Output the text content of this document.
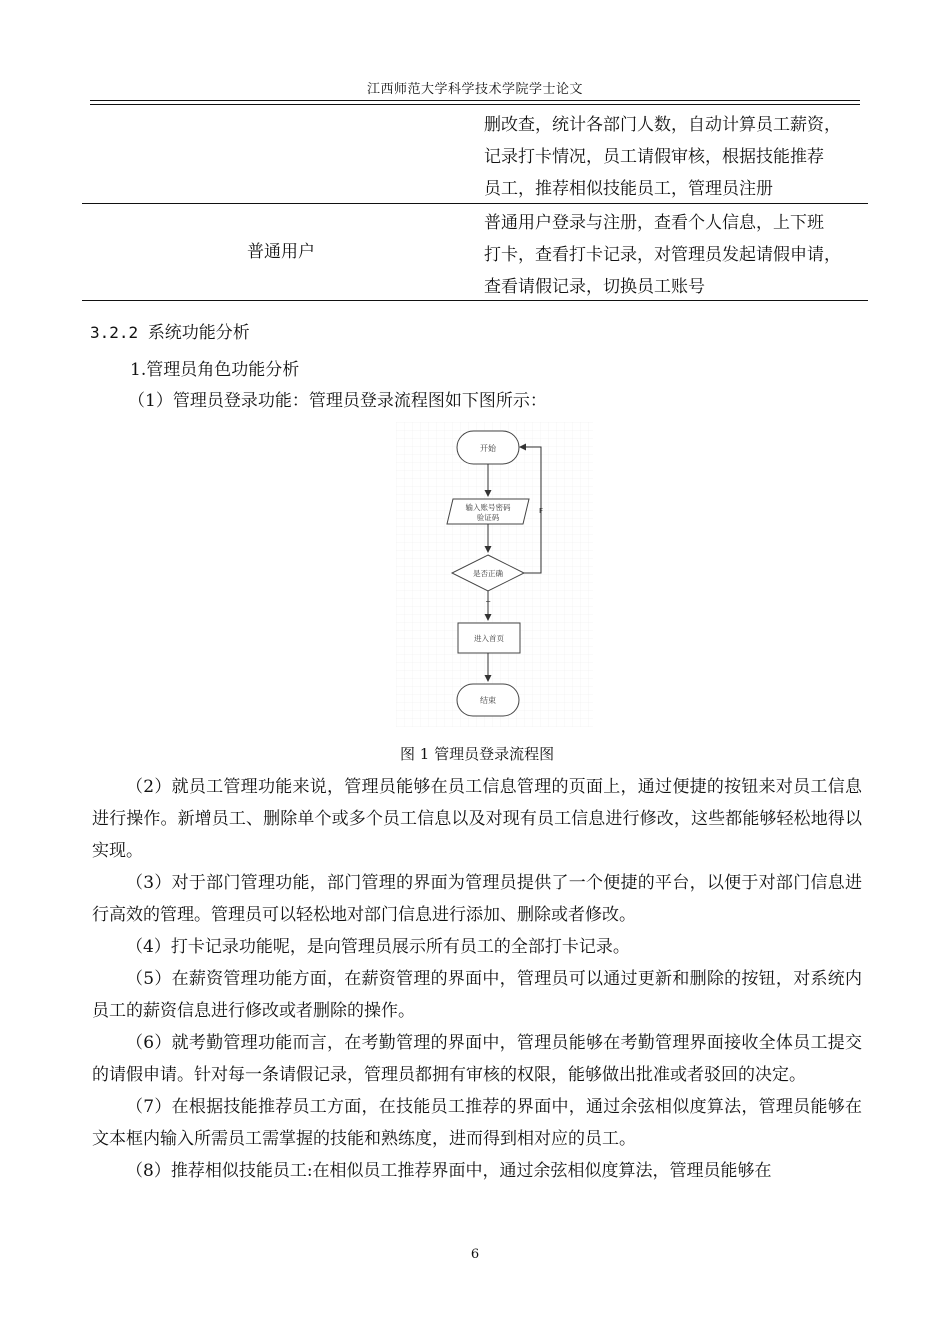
江西师范大学科学技术学院学士论文
删改查，统计各部门人数，自动计算员工薪资，
记录打卡情况，员工请假审核，根据技能推荐
员工，推荐相似技能员工，管理员注册
普通用户
普通用户登录与注册，查看个人信息，上下班
打卡，查看打卡记录，对管理员发起请假申请，
查看请假记录，切换员工账号
3.2.2 系统功能分析
1.管理员角色功能分析
（1）管理员登录功能：管理员登录流程图如下图所示：
开始
输入账号密码
验证码
是否正确
F
T
进入首页
结束
图 1 管理员登录流程图

（2）就员工管理功能来说，管理员能够在员工信息管理的页面上，通过便捷的按钮来对员工信息进行操作。新增员工、删除单个或多个员工信息以及对现有员工信息进行修改，这些都能够轻松地得以实现。

（3）对于部门管理功能，部门管理的界面为管理员提供了一个便捷的平台，以便于对部门信息进行高效的管理。管理员可以轻松地对部门信息进行添加、删除或者修改。

（4）打卡记录功能呢，是向管理员展示所有员工的全部打卡记录。

（5）在薪资管理功能方面，在薪资管理的界面中，管理员可以通过更新和删除的按钮，对系统内员工的薪资信息进行修改或者删除的操作。

（6）就考勤管理功能而言，在考勤管理的界面中，管理员能够在考勤管理界面接收全体员工提交的请假申请。针对每一条请假记录，管理员都拥有审核的权限，能够做出批准或者驳回的决定。

（7）在根据技能推荐员工方面，在技能员工推荐的界面中，通过余弦相似度算法，管理员能够在文本框内输入所需员工需掌握的技能和熟练度，进而得到相对应的员工。

（8）推荐相似技能员工:在相似员工推荐界面中，通过余弦相似度算法，管理员能够在

6
